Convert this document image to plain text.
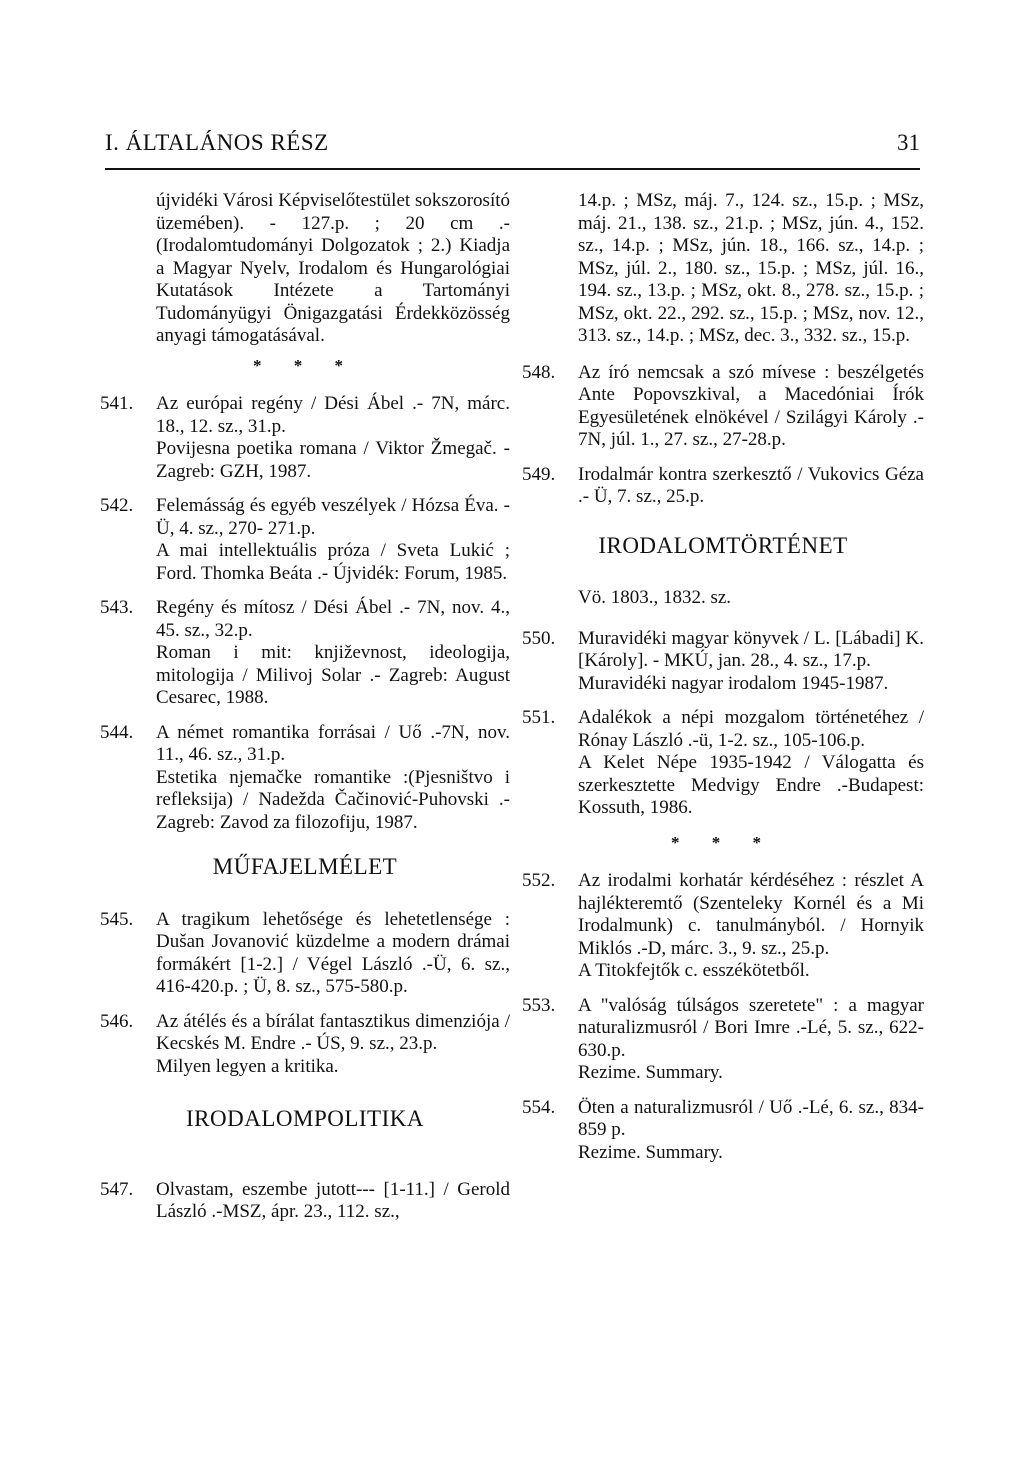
I. ÁLTALÁNOS RÉSZ	31

újvidéki Városi Képviselőtestület sokszorosító üzemében). - 127.p. ; 20 cm .-(Irodalomtudományi Dolgozatok ; 2.) Kiadja a Magyar Nyelv, Irodalom és Hungarológiai Kutatások Intézete a Tartományi Tudományügyi Önigazgatási Érdekközösség anyagi támogatásával.

* * *
541.	Az európai regény / Dési Ábel .- 7N, márc. 18., 12. sz., 31.p.
Povijesna poetika romana / Viktor Žmegač. - Zagreb: GZH, 1987.
542.	Felemásság és egyéb veszélyek / Hózsa Éva. - Ü, 4. sz., 270- 271.p.
A mai intellektuális próza / Sveta Lukić ; Ford. Thomka Beáta .- Újvidék: Forum, 1985.
543.	Regény és mítosz / Dési Ábel .- 7N, nov. 4., 45. sz., 32.p.
Roman i mit: književnost, ideologija, mitologija / Milivoj Solar .- Zagreb: August Cesarec, 1988.
544.	A német romantika forrásai / Uő .-7N, nov. 11., 46. sz., 31.p.
Estetika njemačke romantike :(Pjesništvo i refleksija) / Nadežda Čačinović-Puhovski .-Zagreb: Zavod za filozofiju, 1987.
MŰFAJELMÉLET
545.	A tragikum lehetősége és lehetetlensége : Dušan Jovanović küzdelme a modern drámai formákért [1-2.] / Végel László .-Ü, 6. sz., 416-420.p. ; Ü, 8. sz., 575-580.p.
546.	Az átélés és a bírálat fantasztikus dimenziója / Kecskés M. Endre .- ÚS, 9. sz., 23.p.
Milyen legyen a kritika.
IRODALOMPOLITIKA
547.	Olvastam, eszembe jutott--- [1-11.] / Gerold László .-MSZ, ápr. 23., 112. sz.,

14.p. ; MSz, máj. 7., 124. sz., 15.p. ; MSz, máj. 21., 138. sz., 21.p. ; MSz, jún. 4., 152. sz., 14.p. ; MSz, jún. 18., 166. sz., 14.p. ; MSz, júl. 2., 180. sz., 15.p. ; MSz, júl. 16., 194. sz., 13.p. ; MSz, okt. 8., 278. sz., 15.p. ; MSz, okt. 22., 292. sz., 15.p. ; MSz, nov. 12., 313. sz., 14.p. ; MSz, dec. 3., 332. sz., 15.p.

548.	Az író nemcsak a szó mívese : beszélgetés Ante Popovszkival, a Macedóniai Írók Egyesületének elnökével / Szilágyi Károly .- 7N, júl. 1., 27. sz., 27-28.p.
549.	Irodalmár kontra szerkesztő / Vukovics Géza .- Ü, 7. sz., 25.p.
IRODALOMTÖRTÉNET
Vö. 1803., 1832. sz.
550.	Muravidéki magyar könyvek / L. [Lábadi] K. [Károly]. - MKÚ, jan. 28., 4. sz., 17.p.
Muravidéki nagyar irodalom 1945-1987.
551.	Adalékok a népi mozgalom történetéhez / Rónay László .-ü, 1-2. sz., 105-106.p.
A Kelet Népe 1935-1942 / Válogatta és szerkesztette Medvigy Endre .-Budapest: Kossuth, 1986.
* * *
552.	Az irodalmi korhatár kérdéséhez : részlet A hajlékteremtő (Szenteleky Kornél és a Mi Irodalmunk) c. tanulmányból. / Hornyik Miklós .-D, márc. 3., 9. sz., 25.p.
A Titokfejtők c. esszékötetből.
553.	A "valóság túlságos szeretete" : a magyar naturalizmusról / Bori Imre .-Lé, 5. sz., 622-630.p.
Rezime. Summary.
554.	Öten a naturalizmusról / Uő .-Lé, 6. sz., 834-859 p.
Rezime. Summary.
